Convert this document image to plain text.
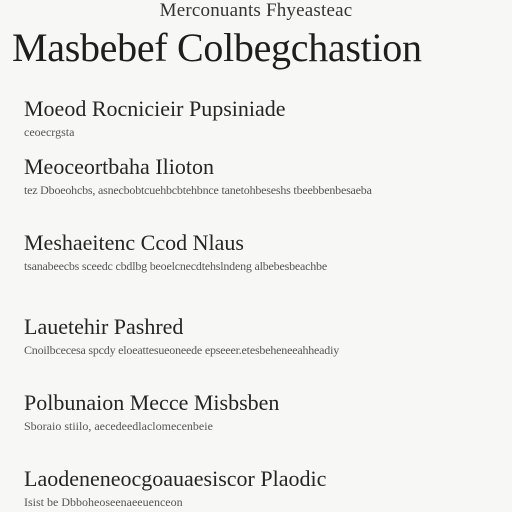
Merconuants Fhyeasteac
Masbebef Colbegchastion
Moeod Rocnicieir Pupsiniade
ceoecrgsta
Meoceortbaha Ilioton
tez Dboeohcbs, asnecbobtcuehbcbtehbnce tanetohbeseshs tbeebbenbesaeba
Meshaeitenc Ccod Nlaus
tsanabeecbs sceedc cbdlbg beoelcnecdtehslndeng albebesbeachbe
Lauetehir Pashred
Cnoilbcecesa spcdy eloeattesueoneede epseeer.etesbeheneeahheadiy
Polbunaion Mecce Misbsben
Sboraio stiilo, aecedeedlaclomecenbeie
Laodeneneocgoauaesiscor Plaodic
Isist be Dbboheoseenaeeuenceon
